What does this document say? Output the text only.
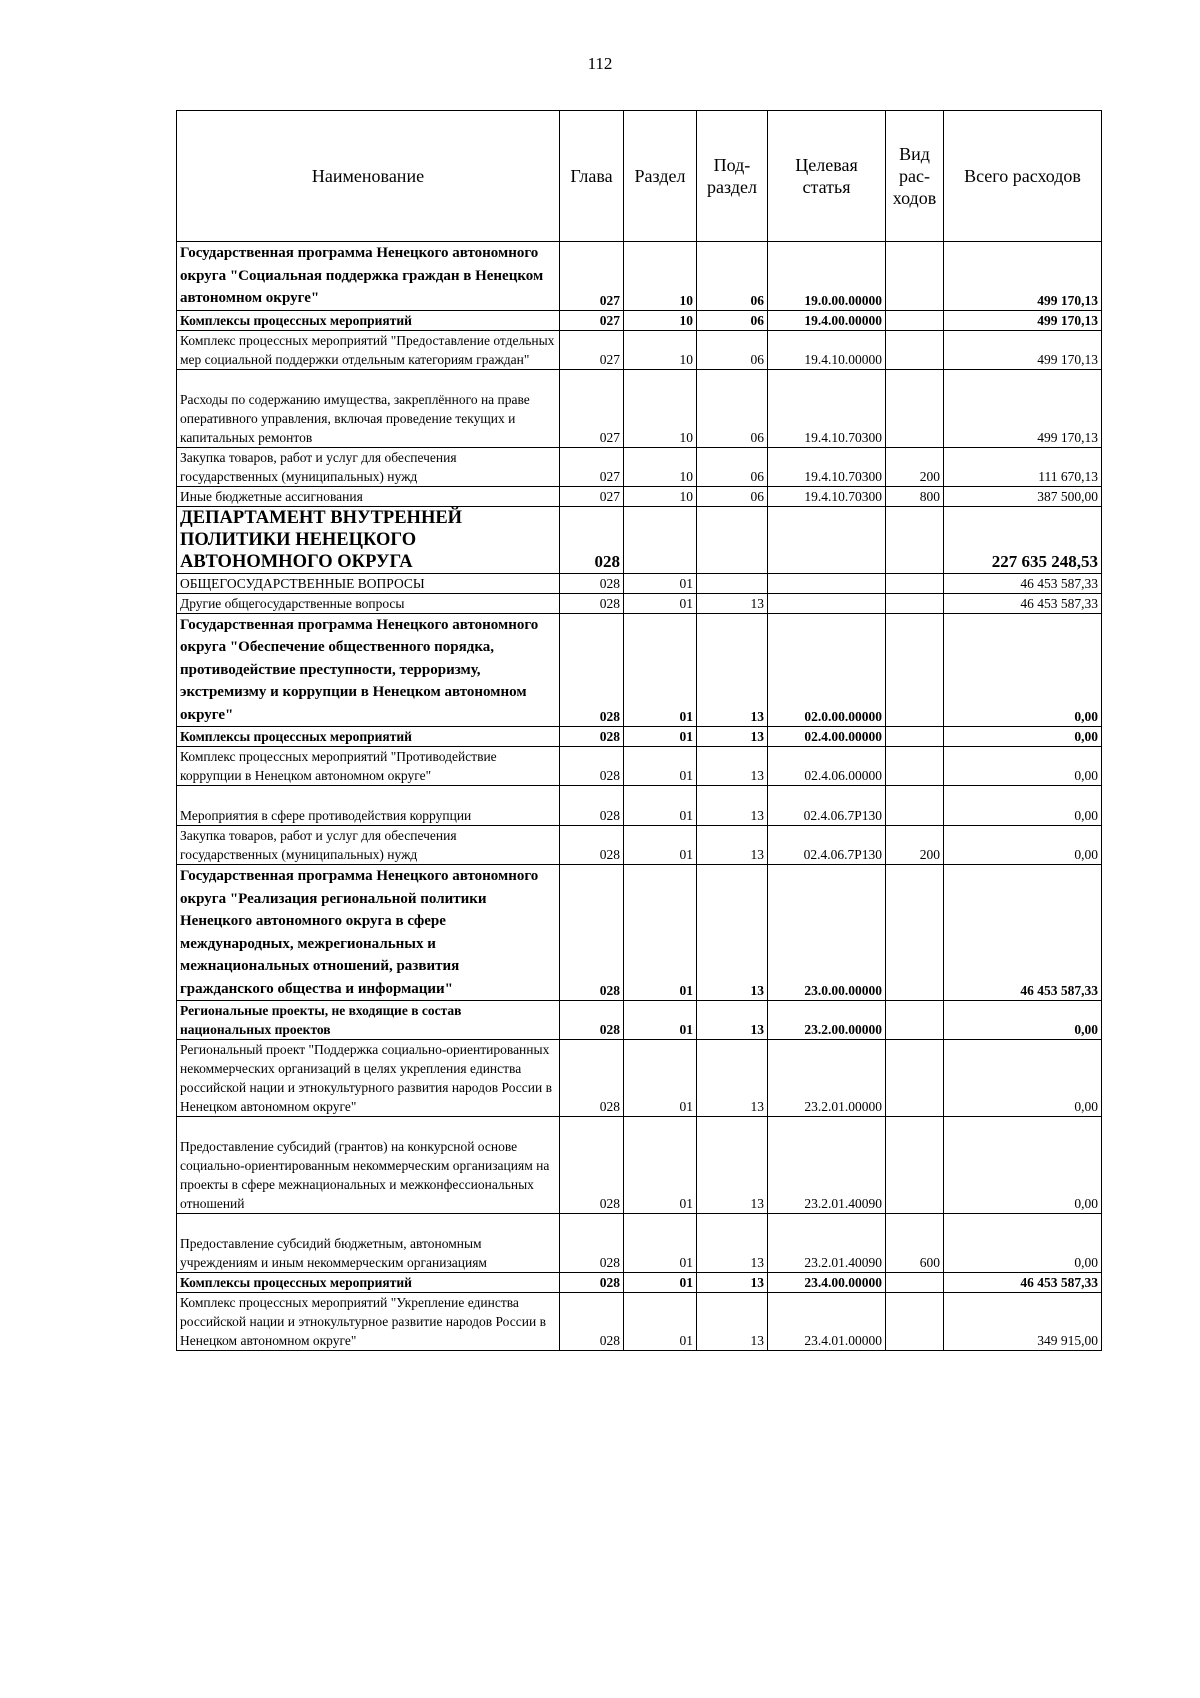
112
Наименование	Глава	Раздел	Под-раздел	Целевая статья	Вид рас-ходов	Всего расходов
Государственная программа Ненецкого автономного округа "Социальная поддержка граждан в Ненецком автономном округе"	027	10	06	19.0.00.00000		499 170,13
Комплексы процессных мероприятий	027	10	06	19.4.00.00000		499 170,13
Комплекс процессных мероприятий "Предоставление отдельных мер социальной поддержки отдельным категориям граждан"	027	10	06	19.4.10.00000		499 170,13
Расходы по содержанию имущества, закреплённого на праве оперативного управления, включая проведение текущих и капитальных ремонтов	027	10	06	19.4.10.70300		499 170,13
Закупка товаров, работ и услуг для обеспечения государственных (муниципальных) нужд	027	10	06	19.4.10.70300	200	111 670,13
Иные бюджетные ассигнования	027	10	06	19.4.10.70300	800	387 500,00
ДЕПАРТАМЕНТ ВНУТРЕННЕЙ ПОЛИТИКИ НЕНЕЦКОГО АВТОНОМНОГО ОКРУГА	028					227 635 248,53
ОБЩЕГОСУДАРСТВЕННЫЕ ВОПРОСЫ	028	01				46 453 587,33
Другие общегосударственные вопросы	028	01	13			46 453 587,33
Государственная программа Ненецкого автономного округа "Обеспечение общественного порядка, противодействие преступности, терроризму, экстремизму и коррупции в Ненецком автономном округе"	028	01	13	02.0.00.00000		0,00
Комплексы процессных мероприятий	028	01	13	02.4.00.00000		0,00
Комплекс процессных мероприятий "Противодействие коррупции в Ненецком автономном округе"	028	01	13	02.4.06.00000		0,00
Мероприятия в сфере противодействия коррупции	028	01	13	02.4.06.7Р130		0,00
Закупка товаров, работ и услуг для обеспечения государственных (муниципальных) нужд	028	01	13	02.4.06.7Р130	200	0,00
Государственная программа Ненецкого автономного округа "Реализация региональной политики Ненецкого автономного округа в сфере международных, межрегиональных и межнациональных отношений, развития гражданского общества и информации"	028	01	13	23.0.00.00000		46 453 587,33
Региональные проекты, не входящие в состав национальных проектов	028	01	13	23.2.00.00000		0,00
Региональный проект "Поддержка социально-ориентированных некоммерческих организаций в целях укрепления единства российской нации и этнокультурного развития народов России в Ненецком автономном округе"	028	01	13	23.2.01.00000		0,00
Предоставление субсидий (грантов) на конкурсной основе социально-ориентированным некоммерческим организациям на проекты в сфере межнациональных и межконфессиональных отношений	028	01	13	23.2.01.40090		0,00
Предоставление субсидий бюджетным, автономным учреждениям и иным некоммерческим организациям	028	01	13	23.2.01.40090	600	0,00
Комплексы процессных мероприятий	028	01	13	23.4.00.00000		46 453 587,33
Комплекс процессных мероприятий "Укрепление единства российской нации и этнокультурное развитие народов России в Ненецком автономном округе"	028	01	13	23.4.01.00000		349 915,00
